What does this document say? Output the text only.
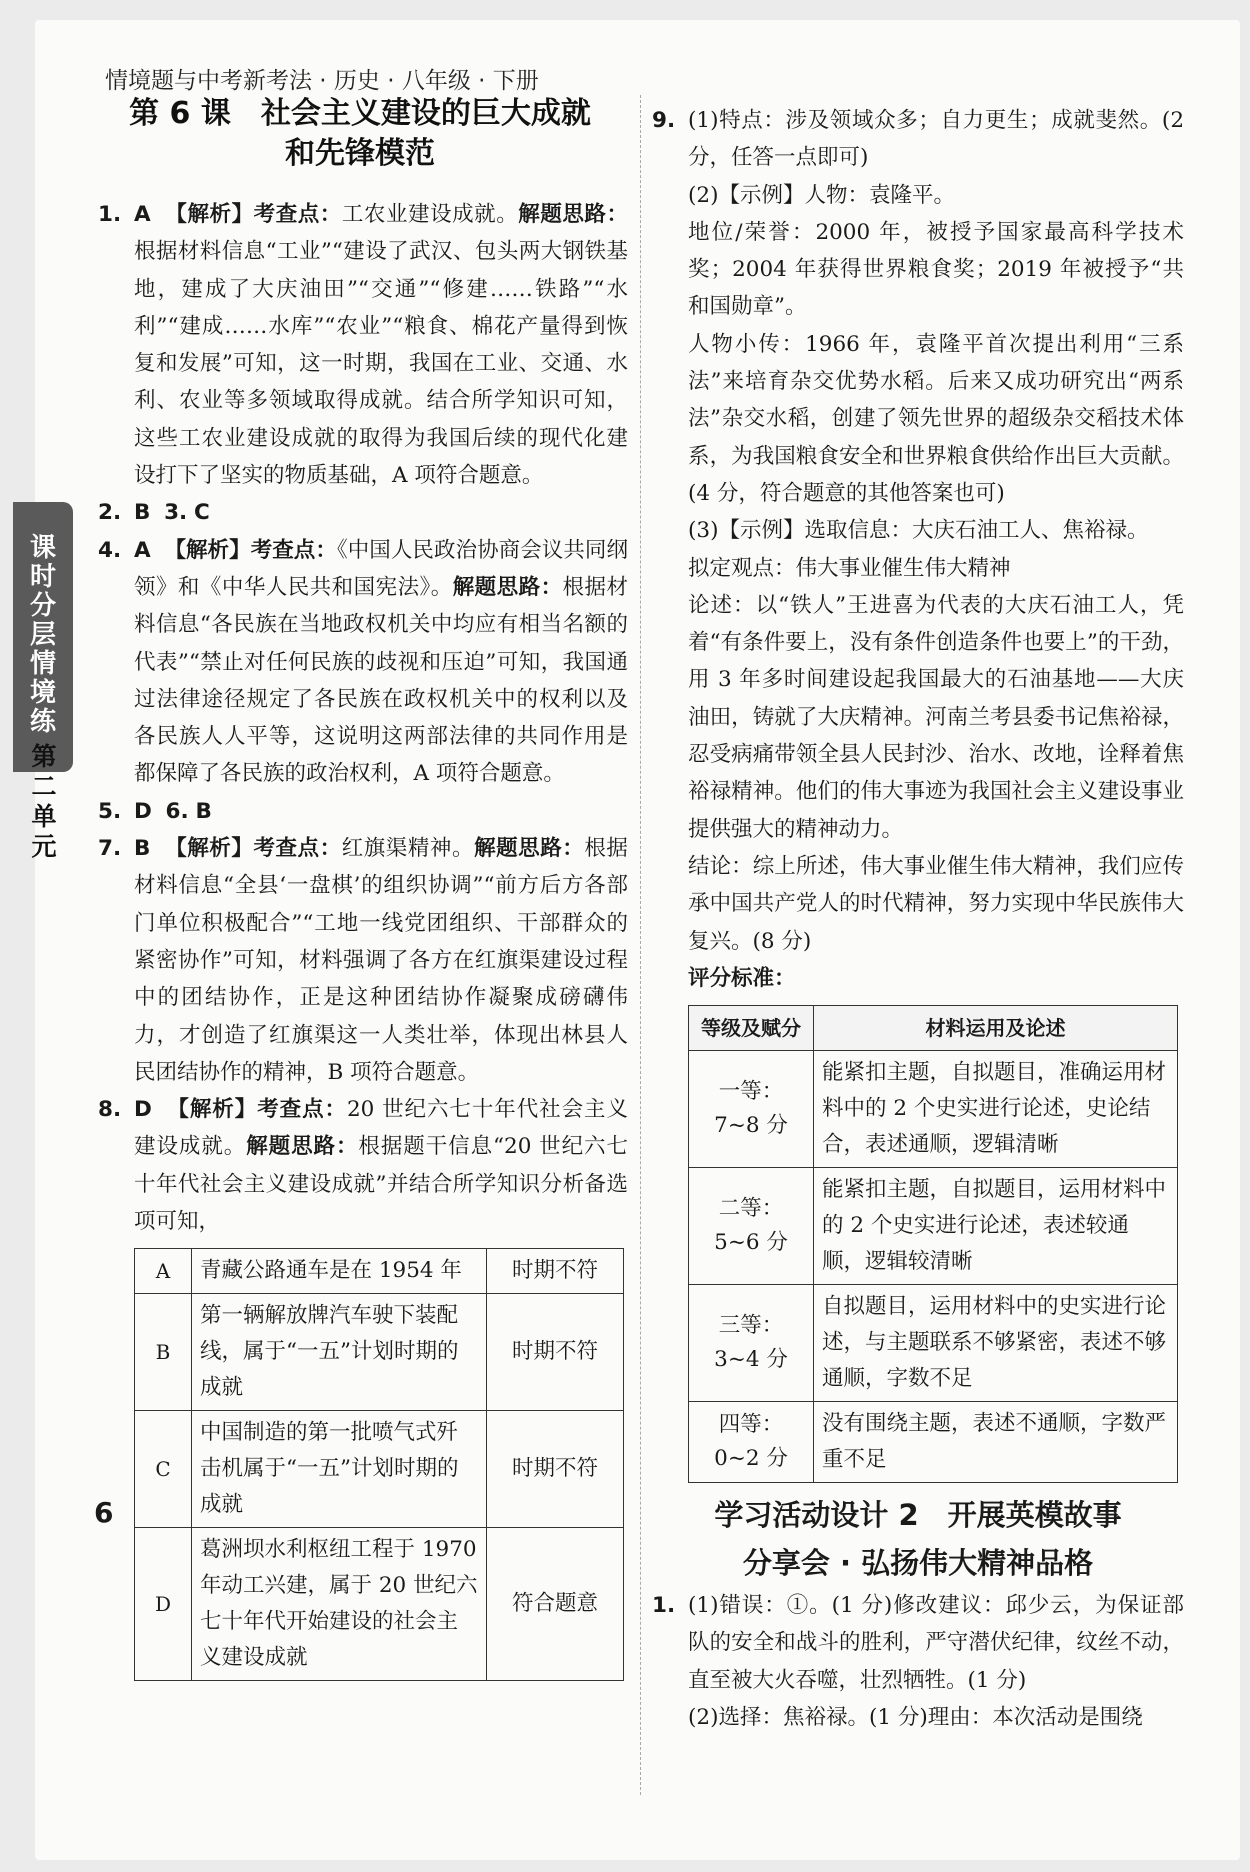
情境题与中考新考法 · 历史 · 八年级 · 下册
第 6 课　社会主义建设的巨大成就
和先锋模范
课时分层情境练
第二单元

1. A 【解析】考查点：工农业建设成就。解题思路：根据材料信息“工业”“建设了武汉、包头两大钢铁基地，建成了大庆油田”“交通”“修建……铁路”“水利”“建成……水库”“农业”“粮食、棉花产量得到恢复和发展”可知，这一时期，我国在工业、交通、水利、农业等多领域取得成就。结合所学知识可知，这些工农业建设成就的取得为我国后续的现代化建设打下了坚实的物质基础，A 项符合题意。

2. B 3. C

4. A 【解析】考查点：《中国人民政治协商会议共同纲领》和《中华人民共和国宪法》。解题思路：根据材料信息“各民族在当地政权机关中均应有相当名额的代表”“禁止对任何民族的歧视和压迫”可知，我国通过法律途径规定了各民族在政权机关中的权利以及各民族人人平等，这说明这两部法律的共同作用是都保障了各民族的政治权利，A 项符合题意。

5. D 6. B

7. B 【解析】考查点：红旗渠精神。解题思路：根据材料信息“全县‘一盘棋’的组织协调”“前方后方各部门单位积极配合”“工地一线党团组织、干部群众的紧密协作”可知，材料强调了各方在红旗渠建设过程中的团结协作，正是这种团结协作凝聚成磅礴伟力，才创造了红旗渠这一人类壮举，体现出林县人民团结协作的精神，B 项符合题意。

8. D 【解析】考查点：20 世纪六七十年代社会主义建设成就。解题思路：根据题干信息“20 世纪六七十年代社会主义建设成就”并结合所学知识分析备选项可知，

A	青藏公路通车是在 1954 年	时期不符
B	第一辆解放牌汽车驶下装配线，属于“一五”计划时期的成就	时期不符
C	中国制造的第一批喷气式歼击机属于“一五”计划时期的成就	时期不符
D	葛洲坝水利枢纽工程于 1970 年动工兴建，属于 20 世纪六七十年代开始建设的社会主义建设成就	符合题意

9. (1)特点：涉及领域众多；自力更生；成就斐然。(2 分，任答一点即可)

(2)【示例】人物：袁隆平。

地位/荣誉：2000 年，被授予国家最高科学技术奖；2004 年获得世界粮食奖；2019 年被授予“共和国勋章”。

人物小传：1966 年，袁隆平首次提出利用“三系法”来培育杂交优势水稻。后来又成功研究出“两系法”杂交水稻，创建了领先世界的超级杂交稻技术体系，为我国粮食安全和世界粮食供给作出巨大贡献。(4 分，符合题意的其他答案也可)

(3)【示例】选取信息：大庆石油工人、焦裕禄。

拟定观点：伟大事业催生伟大精神

论述：以“铁人”王进喜为代表的大庆石油工人，凭着“有条件要上，没有条件创造条件也要上”的干劲，用 3 年多时间建设起我国最大的石油基地——大庆油田，铸就了大庆精神。河南兰考县委书记焦裕禄，忍受病痛带领全县人民封沙、治水、改地，诠释着焦裕禄精神。他们的伟大事迹为我国社会主义建设事业提供强大的精神动力。

结论：综上所述，伟大事业催生伟大精神，我们应传承中国共产党人的时代精神，努力实现中华民族伟大复兴。(8 分)

评分标准：

等级及赋分	材料运用及论述

一等：
7~8 分	能紧扣主题，自拟题目，准确运用材料中的 2 个史实进行论述，史论结合，表述通顺，逻辑清晰

二等：
5~6 分	能紧扣主题，自拟题目，运用材料中的 2 个史实进行论述，表述较通顺，逻辑较清晰

三等：
3~4 分	自拟题目，运用材料中的史实进行论述，与主题联系不够紧密，表述不够通顺，字数不足

四等：
0~2 分	没有围绕主题，表述不通顺，字数严重不足
学习活动设计 2　开展英模故事
分享会 · 弘扬伟大精神品格

1. (1)错误：①。(1 分)修改建议：邱少云，为保证部队的安全和战斗的胜利，严守潜伏纪律，纹丝不动，直至被大火吞噬，壮烈牺牲。(1 分)

(2)选择：焦裕禄。(1 分)理由：本次活动是围绕

6
